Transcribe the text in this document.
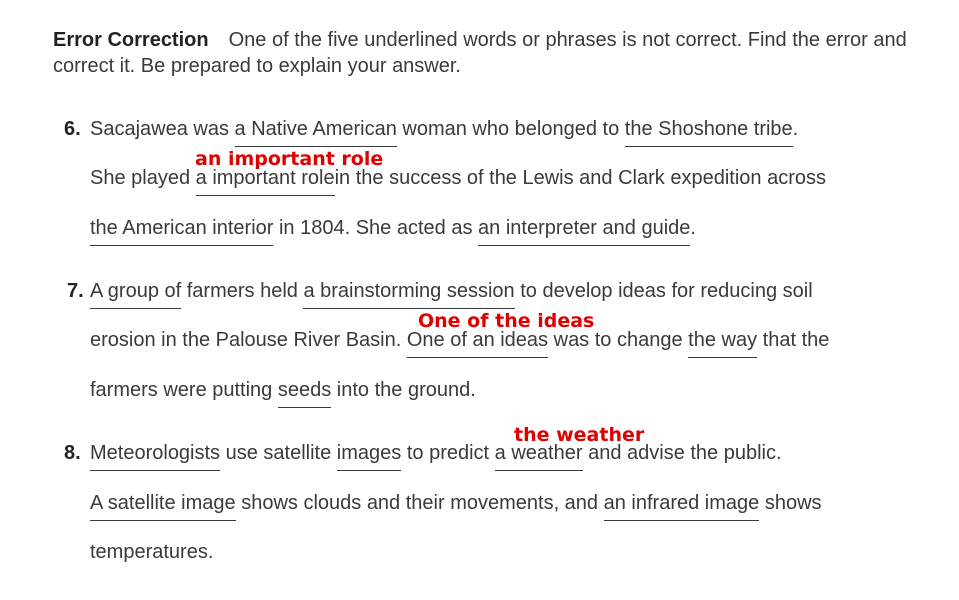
Error Correction One of the five underlined words or phrases is not correct. Find the error and correct it. Be prepared to explain your answer.
6. Sacajawea was a Native American woman who belonged to the Shoshone tribe.
an important role
She played a important rolein the success of the Lewis and Clark expedition across
the American interior in 1804. She acted as an interpreter and guide.
7. A group of farmers held a brainstorming session to develop ideas for reducing soil
One of the ideas
erosion in the Palouse River Basin. One of an ideas was to change the way that the
farmers were putting seeds into the ground.
the weather
8. Meteorologists use satellite images to predict a weather and advise the public.
A satellite image shows clouds and their movements, and an infrared image shows
temperatures.
